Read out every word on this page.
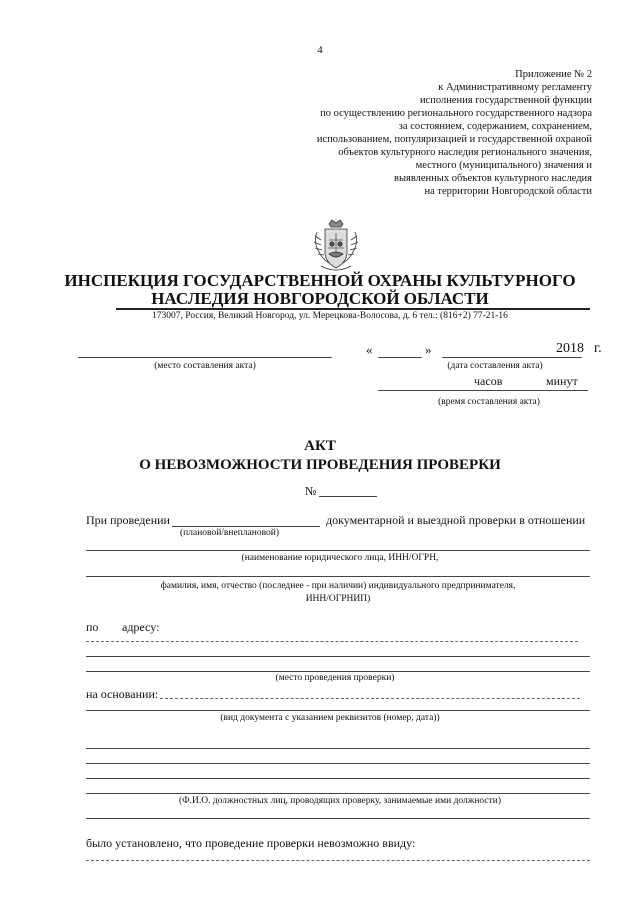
4
Приложение № 2
к Административному регламенту
исполнения государственной функции
по осуществлению регионального государственного надзора
за состоянием, содержанием, сохранением,
использованием, популяризацией и государственной охраной
объектов культурного наследия регионального значения,
местного (муниципального) значения и
выявленных объектов культурного наследия
на территории Новгородской области
ИНСПЕКЦИЯ ГОСУДАРСТВЕННОЙ ОХРАНЫ КУЛЬТУРНОГО
НАСЛЕДИЯ НОВГОРОДСКОЙ ОБЛАСТИ
173007, Россия, Великий Новгород, ул. Мерецкова-Волосова, д. 6 тел.: (816+2) 77-21-16
(место составления акта)
«	»	2018 г.
(дата составления акта)
часов	минут
(время составления акта)
АКТ
О НЕВОЗМОЖНОСТИ ПРОВЕДЕНИЯ ПРОВЕРКИ
№
При проведении	документарной и выездной проверки в отношении
(плановой/внеплановой)
(наименование юридического лица, ИНН/ОГРН,
фамилия, имя, отчество (последнее - при наличии) индивидуального предпринимателя,
ИНН/ОГРНИП)
по адресу:
(место проведения проверки)
на основании:
(вид документа с указанием реквизитов (номер, дата))
(Ф.И.О. должностных лиц, проводящих проверку, занимаемые ими должности)
было установлено, что проведение проверки невозможно ввиду:
